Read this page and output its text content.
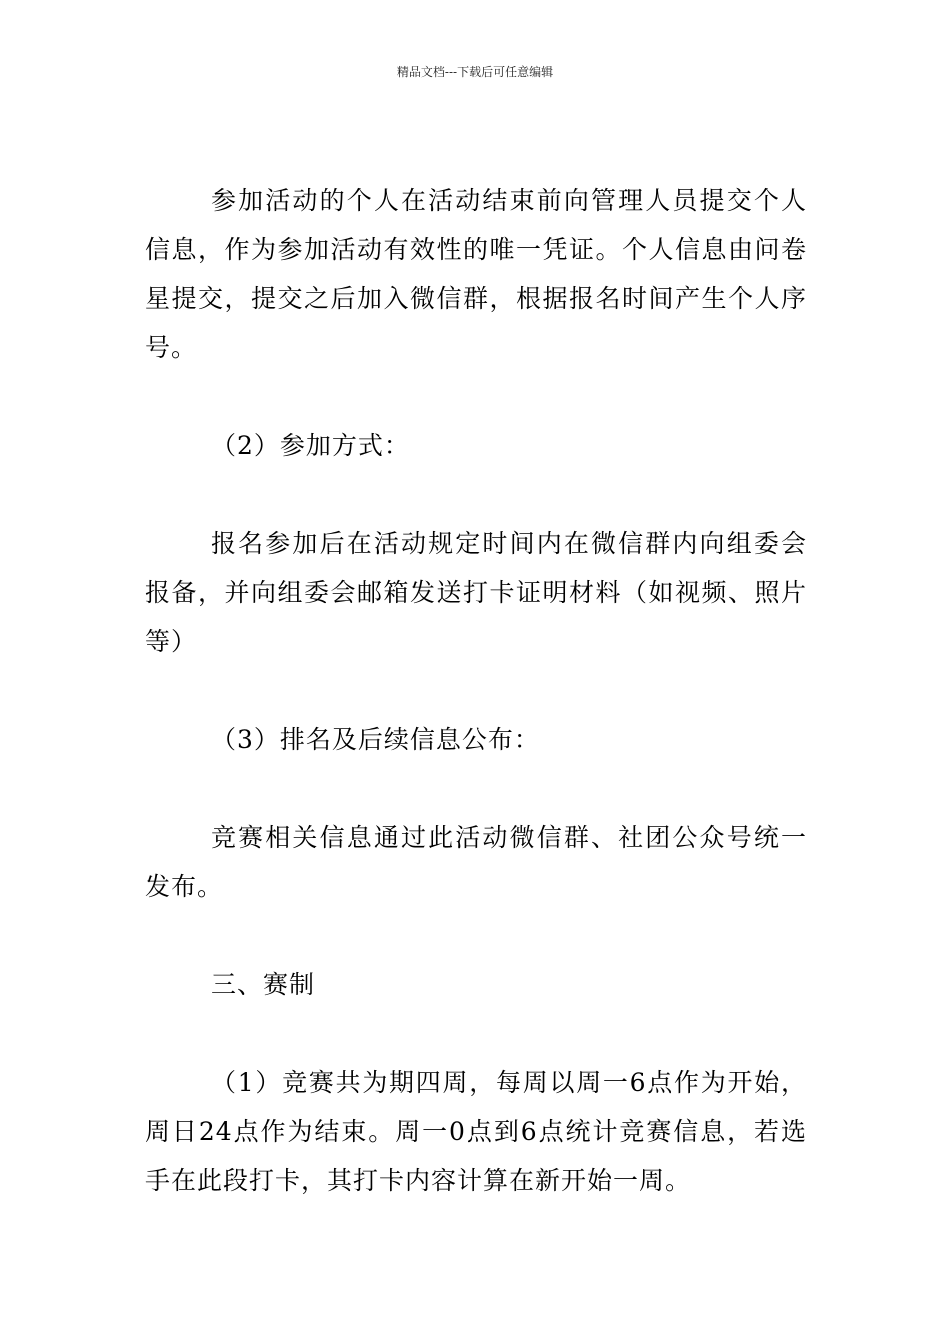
精品文档---下载后可任意编辑

参加活动的个人在活动结束前向管理人员提交个人信息，作为参加活动有效性的唯一凭证。个人信息由问卷星提交，提交之后加入微信群，根据报名时间产生个人序号。

（2）参加方式：

报名参加后在活动规定时间内在微信群内向组委会报备，并向组委会邮箱发送打卡证明材料（如视频、照片等）

（3）排名及后续信息公布：

竞赛相关信息通过此活动微信群、社团公众号统一发布。

三、赛制

（1）竞赛共为期四周，每周以周一6点作为开始，周日24点作为结束。周一0点到6点统计竞赛信息，若选手在此段打卡，其打卡内容计算在新开始一周。
